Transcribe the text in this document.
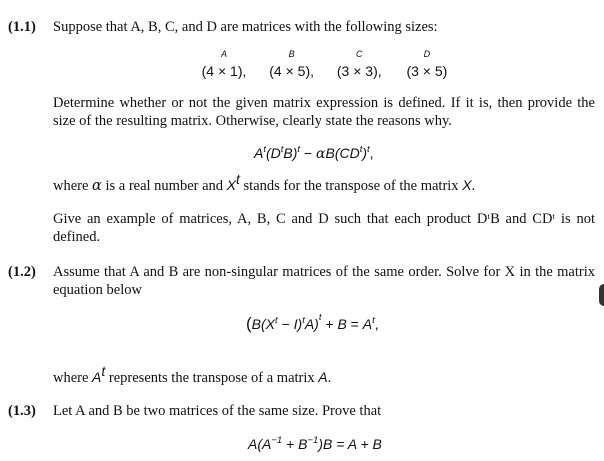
(1.1) Suppose that A, B, C, and D are matrices with the following sizes:
A
(4 × 1),
B
(4 × 5),
C
(3 × 3),
D
(3 × 5)
Determine whether or not the given matrix expression is defined. If it is, then provide the size of the resulting matrix. Otherwise, clearly state the reasons why.
$A^t(D^tB)^t - \alpha B(CD^t)^t$,
where α is a real number and $X^t$ stands for the transpose of the matrix X.
Give an example of matrices, A, B, C and D such that each product DᵗB and CDᵗ is not defined.
(1.2) Assume that A and B are non-singular matrices of the same order. Solve for X in the matrix equation below
$(B(X^t - I)^tA)^t + B = A^t$,
where $A^t$ represents the transpose of a matrix A.
(1.3) Let A and B be two matrices of the same size. Prove that
$A(A^{-1} + B^{-1})B = A + B$
